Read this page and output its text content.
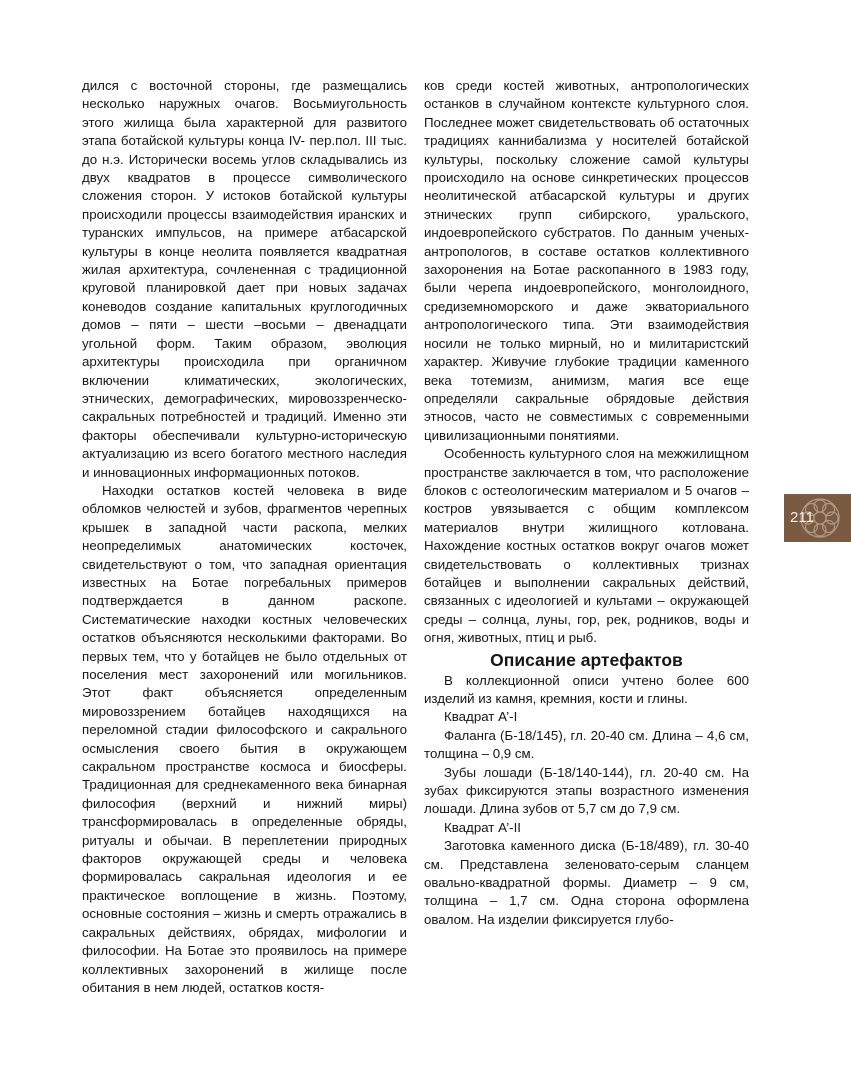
дился с восточной стороны, где размещались несколько наружных очагов. Восьмиугольность этого жилища была характерной для развитого этапа ботайской культуры конца IV- пер.пол. III тыс. до н.э. Исторически восемь углов складывались из двух квадратов в процессе символического сложения сторон. У истоков ботайской культуры происходили процессы взаимодействия иранских и туранских импульсов, на примере атбасарской культуры в конце неолита появляется квадратная жилая архитектура, сочлененная с традиционной круговой планировкой дает при новых задачах коневодов создание капитальных круглогодичных домов – пяти – шести –восьми – двенадцати угольной форм. Таким образом, эволюция архитектуры происходила при органичном включении климатических, экологических, этнических, демографических, мировоззренческо-сакральных потребностей и традиций. Именно эти факторы обеспечивали культурно-историческую актуализацию из всего богатого местного наследия и инновационных информационных потоков.

Находки остатков костей человека в виде обломков челюстей и зубов, фрагментов черепных крышек в западной части раскопа, мелких неопределимых анатомических косточек, свидетельствуют о том, что западная ориентация известных на Ботае погребальных примеров подтверждается в данном раскопе. Систематические находки костных человеческих остатков объясняются несколькими факторами. Во первых тем, что у ботайцев не было отдельных от поселения мест захоронений или могильников. Этот факт объясняется определенным мировоззрением ботайцев находящихся на переломной стадии философского и сакрального осмысления своего бытия в окружающем сакральном пространстве космоса и биосферы. Традиционная для среднекаменного века бинарная философия (верхний и нижний миры) трансформировалась в определенные обряды, ритуалы и обычаи. В переплетении природных факторов окружающей среды и человека формировалась сакральная идеология и ее практическое воплощение в жизнь. Поэтому, основные состояния – жизнь и смерть отражались в сакральных действиях, обрядах, мифологии и философии. На Ботае это проявилось на примере коллективных захоронений в жилище после обитания в нем людей, остатков костя-

ков среди костей животных, антропологических останков в случайном контексте культурного слоя. Последнее может свидетельствовать об остаточных традициях каннибализма у носителей ботайской культуры, поскольку сложение самой культуры происходило на основе синкретических процессов неолитической атбасарской культуры и других этнических групп сибирского, уральского, индоевропейского субстратов. По данным ученых-антропологов, в составе остатков коллективного захоронения на Ботае раскопанного в 1983 году, были черепа индоевропейского, монголоидного, средиземноморского и даже экваториального антропологического типа. Эти взаимодействия носили не только мирный, но и милитаристский характер. Живучие глубокие традиции каменного века тотемизм, анимизм, магия все еще определяли сакральные обрядовые действия этносов, часто не совместимых с современными цивилизационными понятиями.

Особенность культурного слоя на межжилищном пространстве заключается в том, что расположение блоков с остеологическим материалом и 5 очагов – костров увязывается с общим комплексом материалов внутри жилищного котлована. Нахождение костных остатков вокруг очагов может свидетельствовать о коллективных тризнах ботайцев и выполнении сакральных действий, связанных с идеологией и культами – окружающей среды – солнца, луны, гор, рек, родников, воды и огня, животных, птиц и рыб.

Описание артефактов

В коллекционной описи учтено более 600 изделий из камня, кремния, кости и глины.

Квадрат А’-I

Фаланга (Б-18/145), гл. 20-40 см. Длина – 4,6 см, толщина – 0,9 см.

Зубы лошади (Б-18/140-144), гл. 20-40 см. На зубах фиксируются этапы возрастного изменения лошади. Длина зубов от 5,7 см до 7,9 см.

Квадрат А’-II

Заготовка каменного диска (Б-18/489), гл. 30-40 см. Представлена зеленовато-серым сланцем овально-квадратной формы. Диаметр – 9 см, толщина – 1,7 см. Одна сторона оформлена овалом. На изделии фиксируется глубо-

211
